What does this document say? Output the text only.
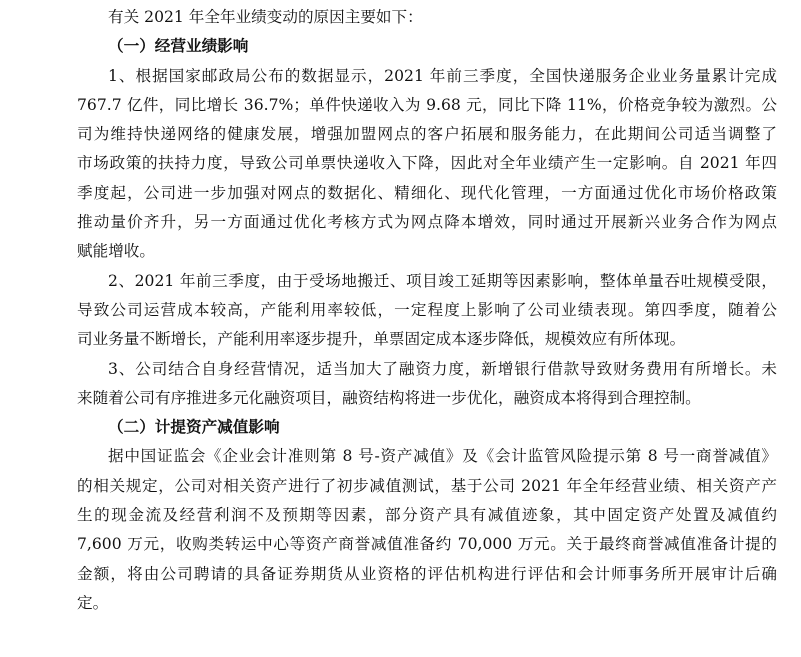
有关 2021 年全年业绩变动的原因主要如下：
（一）经营业绩影响
1、根据国家邮政局公布的数据显示，2021 年前三季度，全国快递服务企业业务量累计完成
767.7 亿件，同比增长 36.7%；单件快递收入为 9.68 元，同比下降 11%，价格竞争较为激烈。公
司为维持快递网络的健康发展，增强加盟网点的客户拓展和服务能力，在此期间公司适当调整了
市场政策的扶持力度，导致公司单票快递收入下降，因此对全年业绩产生一定影响。自 2021 年四
季度起，公司进一步加强对网点的数据化、精细化、现代化管理，一方面通过优化市场价格政策
推动量价齐升，另一方面通过优化考核方式为网点降本增效，同时通过开展新兴业务合作为网点
赋能增收。
2、2021 年前三季度，由于受场地搬迁、项目竣工延期等因素影响，整体单量吞吐规模受限，
导致公司运营成本较高，产能利用率较低，一定程度上影响了公司业绩表现。第四季度，随着公
司业务量不断增长，产能利用率逐步提升，单票固定成本逐步降低，规模效应有所体现。
3、公司结合自身经营情况，适当加大了融资力度，新增银行借款导致财务费用有所增长。未
来随着公司有序推进多元化融资项目，融资结构将进一步优化，融资成本将得到合理控制。
（二）计提资产减值影响
据中国证监会《企业会计准则第 8 号-资产减值》及《会计监管风险提示第 8 号一商誉减值》
的相关规定，公司对相关资产进行了初步减值测试，基于公司 2021 年全年经营业绩、相关资产产
生的现金流及经营利润不及预期等因素，部分资产具有减值迹象，其中固定资产处置及减值约
7,600 万元，收购类转运中心等资产商誉减值准备约 70,000 万元。关于最终商誉减值准备计提的
金额，将由公司聘请的具备证券期货从业资格的评估机构进行评估和会计师事务所开展审计后确
定。
